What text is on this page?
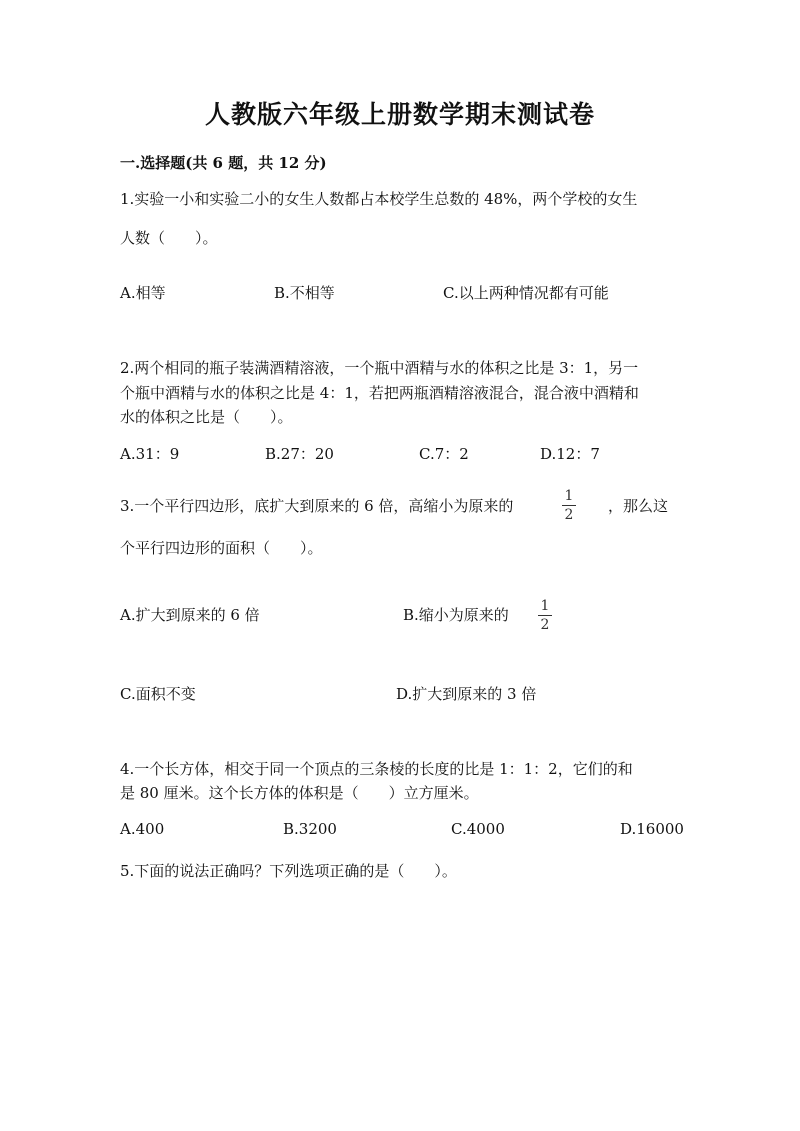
人教版六年级上册数学期末测试卷
一.选择题(共 6 题，共 12 分)
1.实验一小和实验二小的女生人数都占本校学生总数的 48%，两个学校的女生
人数（　　）。
A.相等	B.不相等	C.以上两种情况都有可能
2.两个相同的瓶子装满酒精溶液，一个瓶中酒精与水的体积之比是 3：1，另一
个瓶中酒精与水的体积之比是 4：1，若把两瓶酒精溶液混合，混合液中酒精和
水的体积之比是（　　）。
A.31：9	B.27：20	C.7：2	D.12：7
3.一个平行四边形，底扩大到原来的 6 倍，高缩小为原来的
1
2 ，那么这
个平行四边形的面积（　　）。
A.扩大到原来的 6 倍	B.缩小为原来的 1
2
C.面积不变	D.扩大到原来的 3 倍
4.一个长方体，相交于同一个顶点的三条棱的长度的比是 1：1：2，它们的和
是 80 厘米。这个长方体的体积是（　　）立方厘米。
A.400	B.3200	C.4000	D.16000
5.下面的说法正确吗？下列选项正确的是（　　）。
